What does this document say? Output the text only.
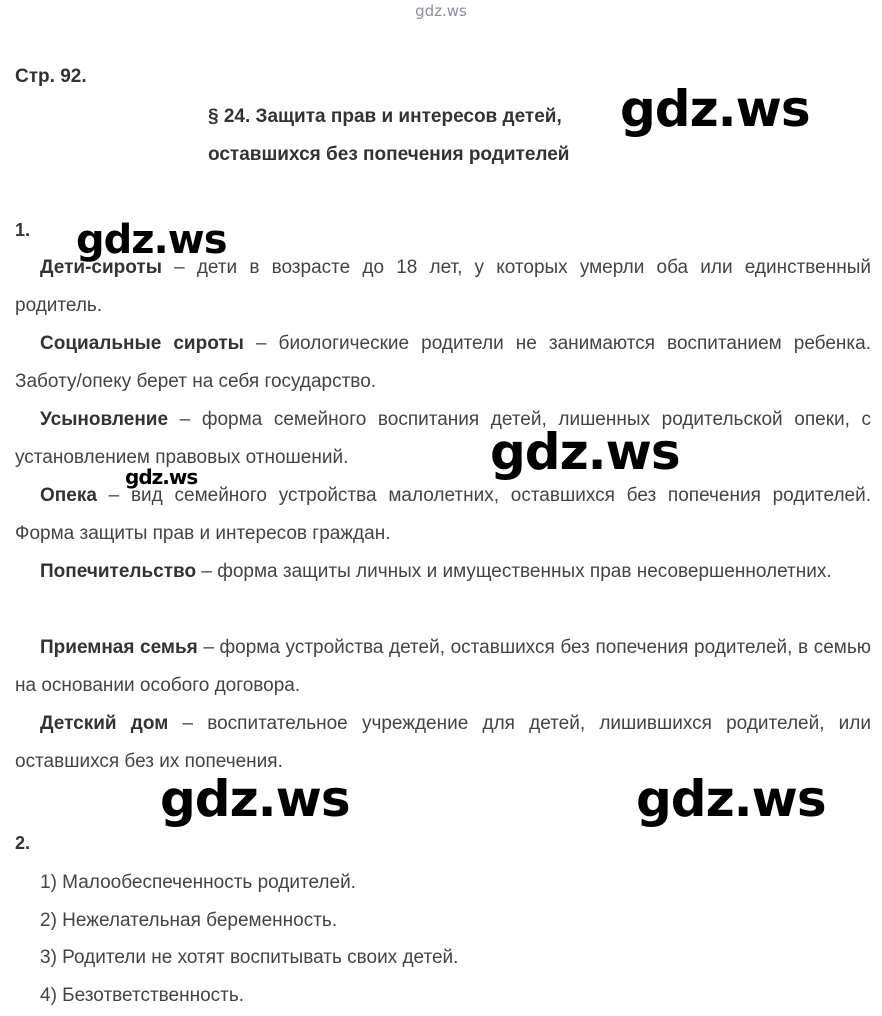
gdz.ws
Стр. 92.
§ 24. Защита прав и интересов детей,
оставшихся без попечения родителей
1.
Дети-сироты – дети в возрасте до 18 лет, у которых умерли оба или единственный родитель.
Социальные сироты – биологические родители не занимаются воспитанием ребенка. Заботу/опеку берет на себя государство.
Усыновление – форма семейного воспитания детей, лишенных родительской опеки, с установлением правовых отношений.
Опека – вид семейного устройства малолетних, оставшихся без попечения родителей. Форма защиты прав и интересов граждан.
Попечительство – форма защиты личных и имущественных прав несовершеннолетних.
Приемная семья – форма устройства детей, оставшихся без попечения родителей, в семью на основании особого договора.
Детский дом – воспитательное учреждение для детей, лишившихся родителей, или оставшихся без их попечения.
2.
1) Малообеспеченность родителей.
2) Нежелательная беременность.
3) Родители не хотят воспитывать своих детей.
4) Безответственность.
gdz.ws
gdz.ws
gdz.ws
gdz.ws
gdz.ws	gdz.ws
